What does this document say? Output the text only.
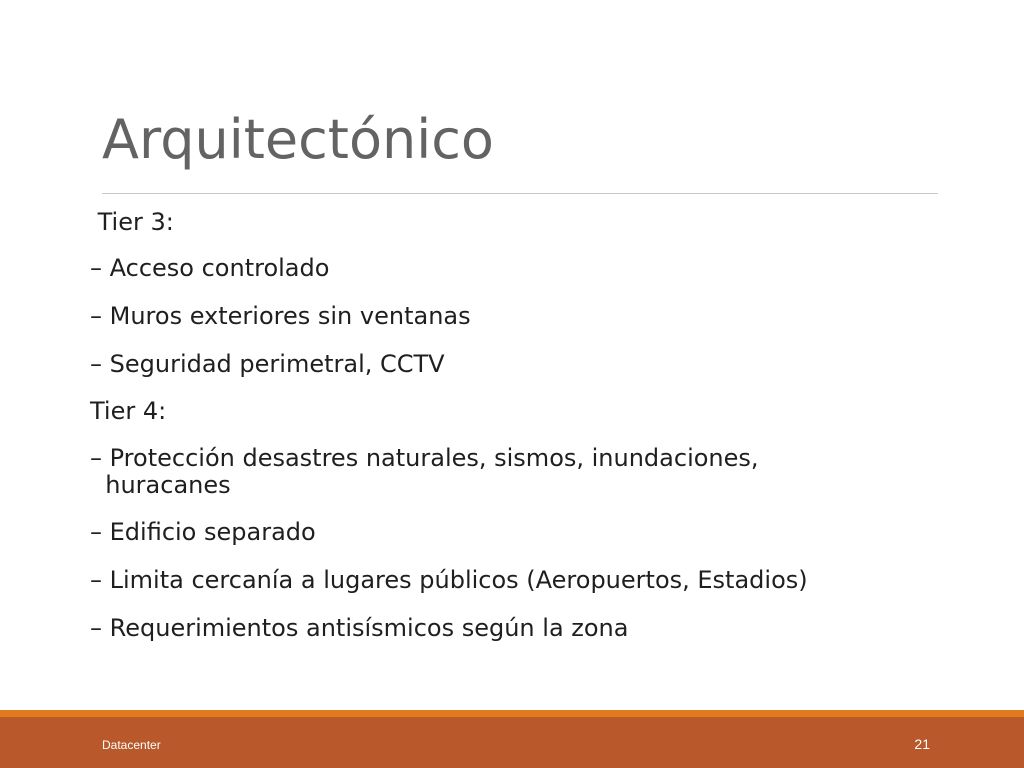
Arquitectónico
Tier 3:
– Acceso controlado
– Muros exteriores sin ventanas
– Seguridad perimetral, CCTV
Tier 4:
– Protección desastres naturales, sismos, inundaciones,
huracanes
– Edificio separado
– Limita cercanía a lugares públicos (Aeropuertos, Estadios)
– Requerimientos antisísmicos según la zona
Datacenter	21
